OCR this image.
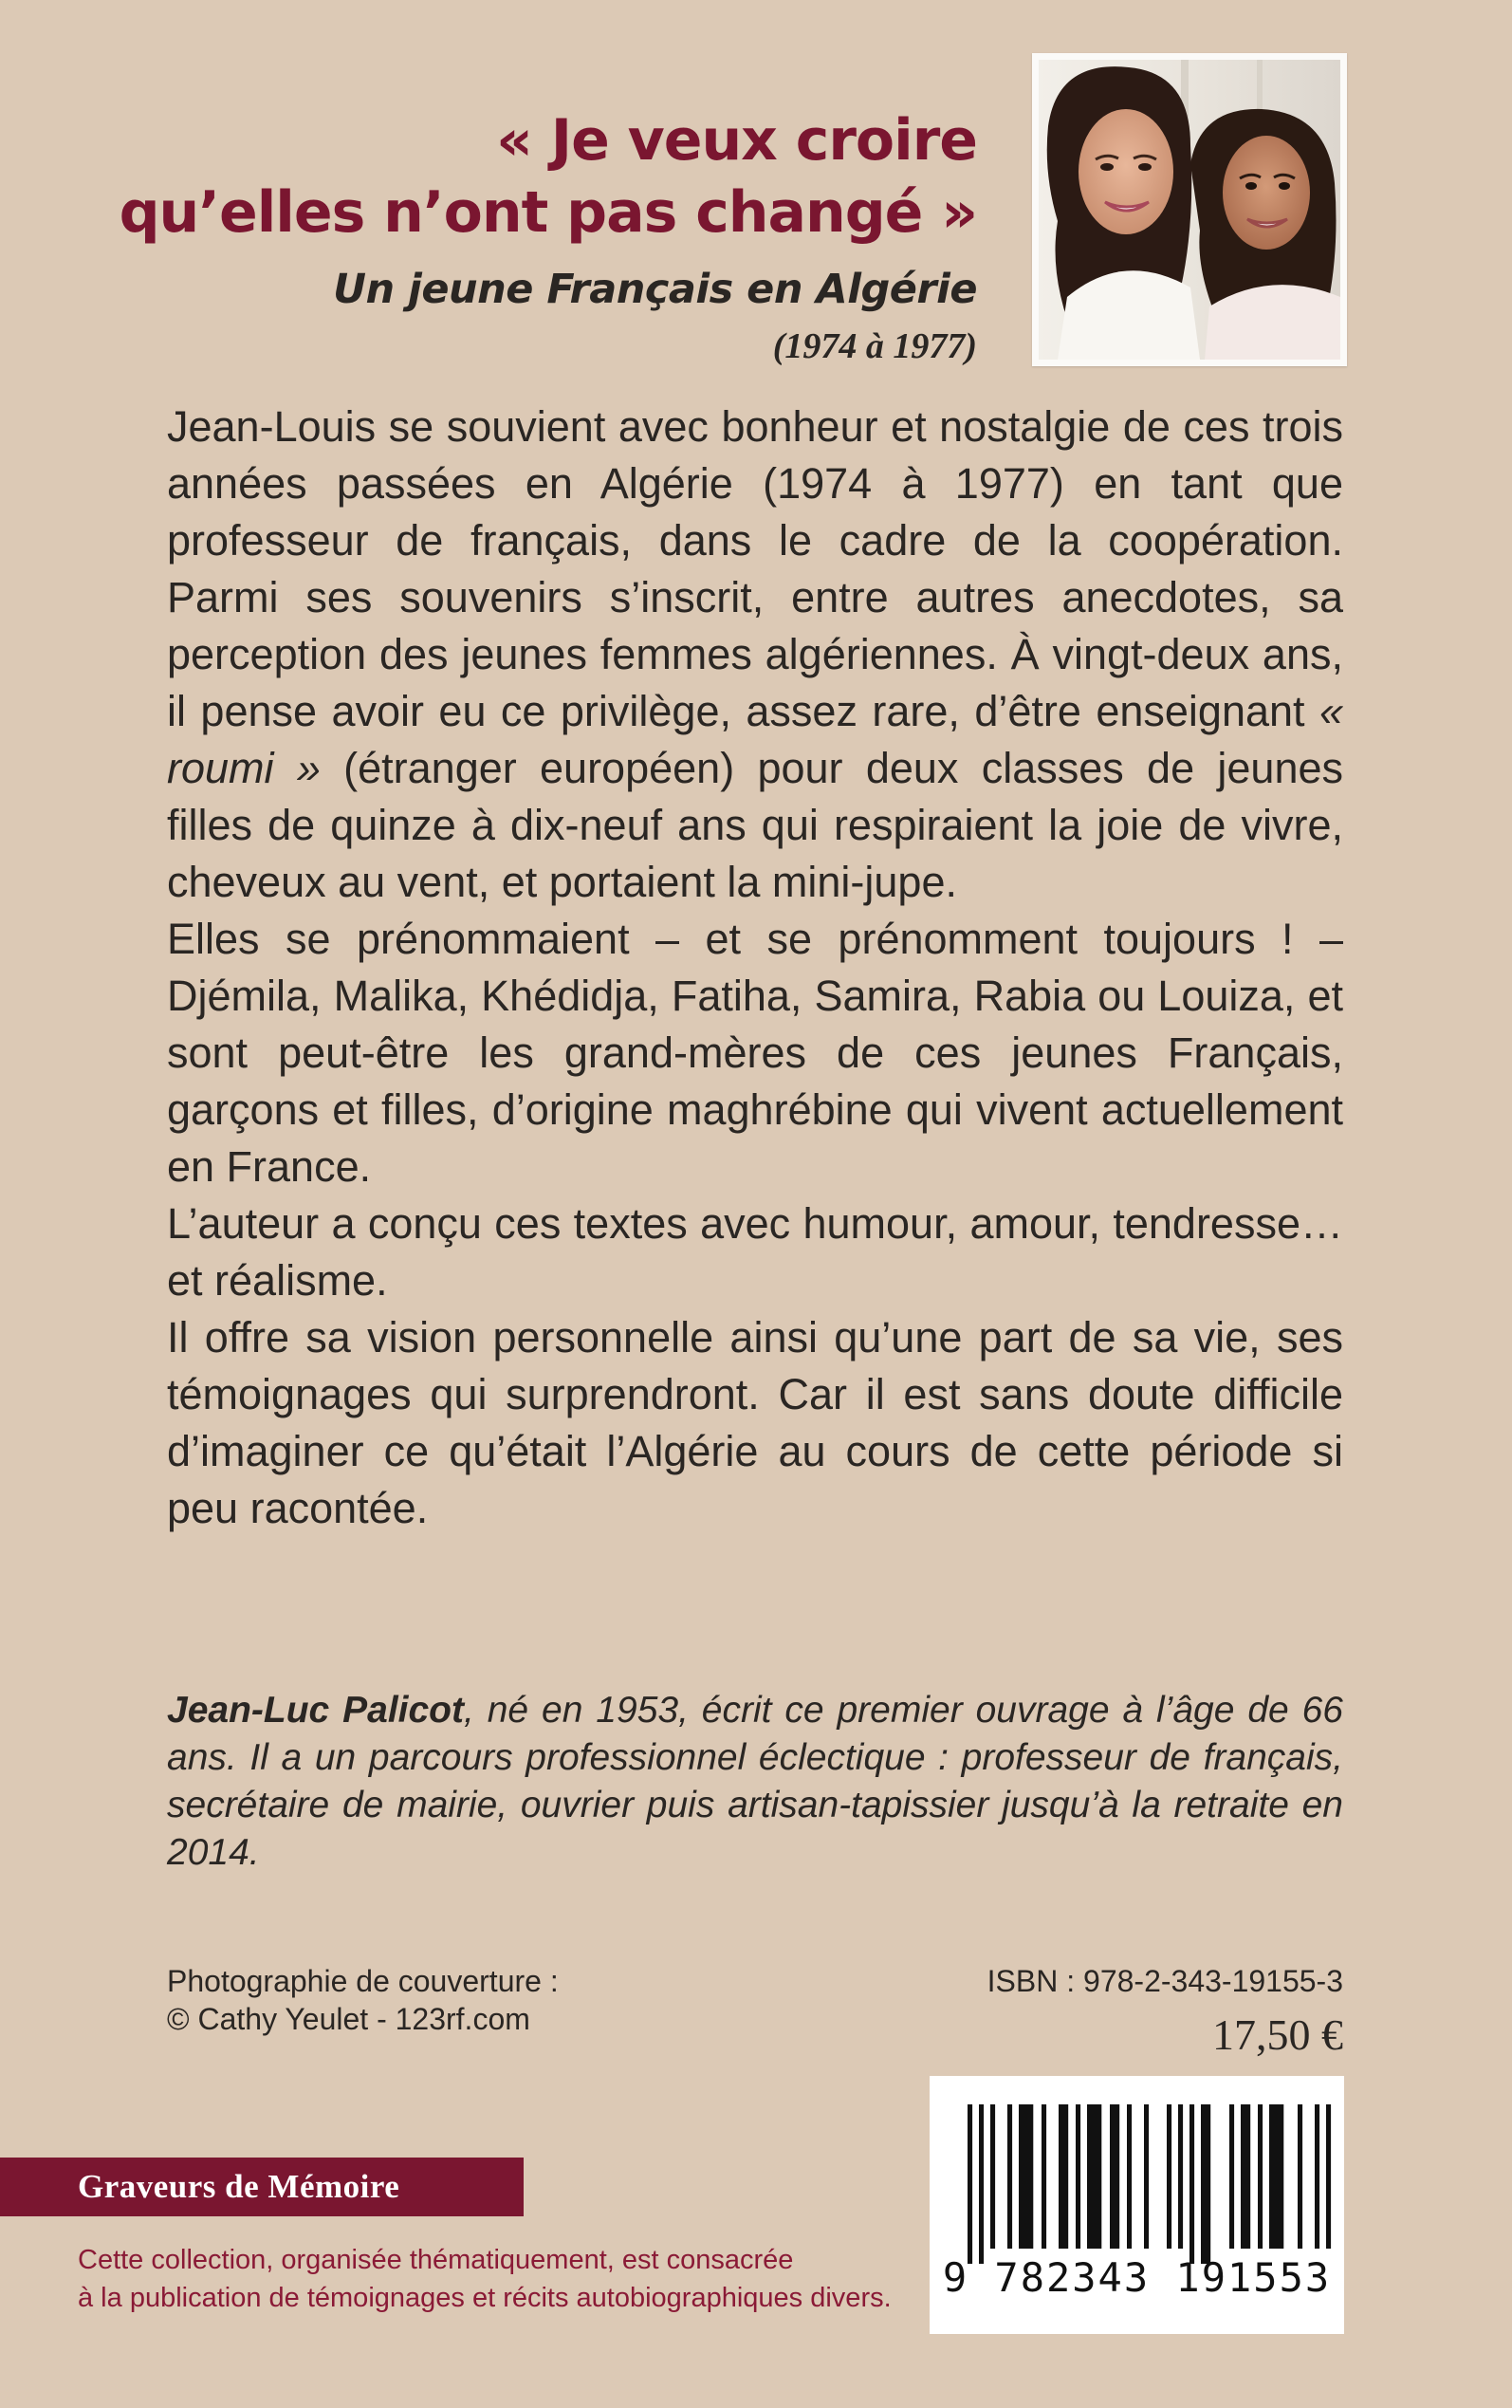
« Je veux croire
qu’elles n’ont pas changé »
Un jeune Français en Algérie
(1974 à 1977)

Jean-Louis se souvient avec bonheur et nostalgie de ces trois années passées en Algérie (1974 à 1977) en tant que professeur de français, dans le cadre de la coopération. Parmi ses souvenirs s’inscrit, entre autres anecdotes, sa perception des jeunes femmes algériennes. À vingt-deux ans, il pense avoir eu ce privilège, assez rare, d’être enseignant « roumi » (étranger européen) pour deux classes de jeunes filles de quinze à dix-neuf ans qui respiraient la joie de vivre, cheveux au vent, et portaient la mini-jupe.

Elles se prénommaient – et se prénomment toujours ! – Djémila, Malika, Khédidja, Fatiha, Samira, Rabia ou Louiza, et sont peut-être les grand-mères de ces jeunes Français, garçons et filles, d’origine maghrébine qui vivent actuellement en France.

L’auteur a conçu ces textes avec humour, amour, tendresse… et réalisme.

Il offre sa vision personnelle ainsi qu’une part de sa vie, ses témoignages qui surprendront. Car il est sans doute difficile d’imaginer ce qu’était l’Algérie au cours de cette période si peu racontée.

Jean-Luc Palicot, né en 1953, écrit ce premier ouvrage à l’âge de 66 ans. Il a un parcours professionnel éclectique : professeur de français, secrétaire de mairie, ouvrier puis artisan-tapissier jusqu’à la retraite en 2014.
Photographie de couverture :
© Cathy Yeulet - 123rf.com
ISBN : 978-2-343-19155-3
17,50 €
9 782343 191553
Graveurs de Mémoire
Cette collection, organisée thématiquement, est consacrée
à la publication de témoignages et récits autobiographiques divers.
